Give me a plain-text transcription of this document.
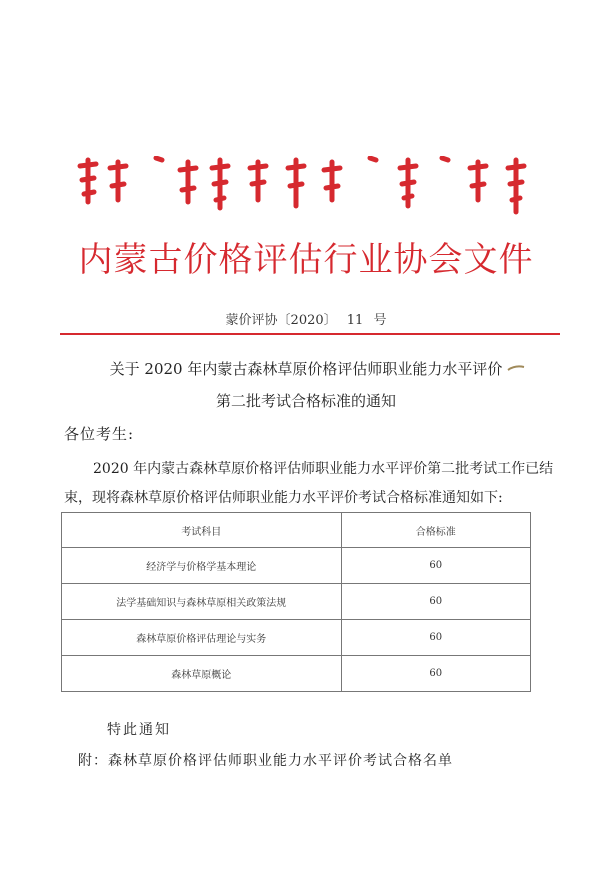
内蒙古价格评估行业协会文件
蒙价评协〔2020〕 11 号
关于 2020 年内蒙古森林草原价格评估师职业能力水平评价
第二批考试合格标准的通知
各位考生:
2020 年内蒙古森林草原价格评估师职业能力水平评价第二批考试工作已结
束，现将森林草原价格评估师职业能力水平评价考试合格标准通知如下:
考试科目	合格标准
经济学与价格学基本理论	60
法学基础知识与森林草原相关政策法规	60
森林草原价格评估理论与实务	60
森林草原概论	60
特此通知
附：森林草原价格评估师职业能力水平评价考试合格名单
